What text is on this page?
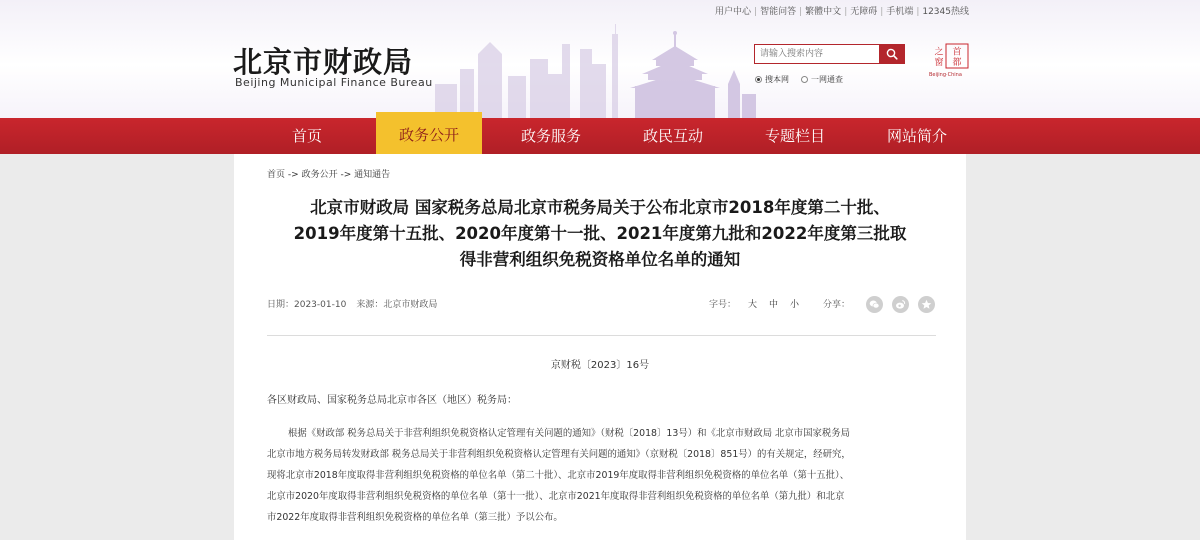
用户中心 | 智能问答 | 繁體中文 | 无障碍 | 手机端 | 12345热线
北京市财政局
Beijing Municipal Finance Bureau
请输入搜索内容	搜本网	一网通查
首
都
之
窗
Beijing·China
首页	政务公开	政务服务	政民互动	专题栏目	网站简介
首页 -> 政务公开 -> 通知通告
北京市财政局 国家税务总局北京市税务局关于公布北京市2018年度第二十批、
2019年度第十五批、2020年度第十一批、2021年度第九批和2022年度第三批取
得非营利组织免税资格单位名单的通知
日期：2023-01-10 来源：北京市财政局	字号： 大 中 小	分享：
京财税〔2023〕16号
各区财政局、国家税务总局北京市各区（地区）税务局：
根据《财政部 税务总局关于非营利组织免税资格认定管理有关问题的通知》（财税〔2018〕13号）和《北京市财政局 北京市国家税务局
北京市地方税务局转发财政部 税务总局关于非营利组织免税资格认定管理有关问题的通知》（京财税〔2018〕851号）的有关规定，经研究，
现将北京市2018年度取得非营利组织免税资格的单位名单（第二十批）、北京市2019年度取得非营利组织免税资格的单位名单（第十五批）、
北京市2020年度取得非营利组织免税资格的单位名单（第十一批）、北京市2021年度取得非营利组织免税资格的单位名单（第九批）和北京
市2022年度取得非营利组织免税资格的单位名单（第三批）予以公布。
